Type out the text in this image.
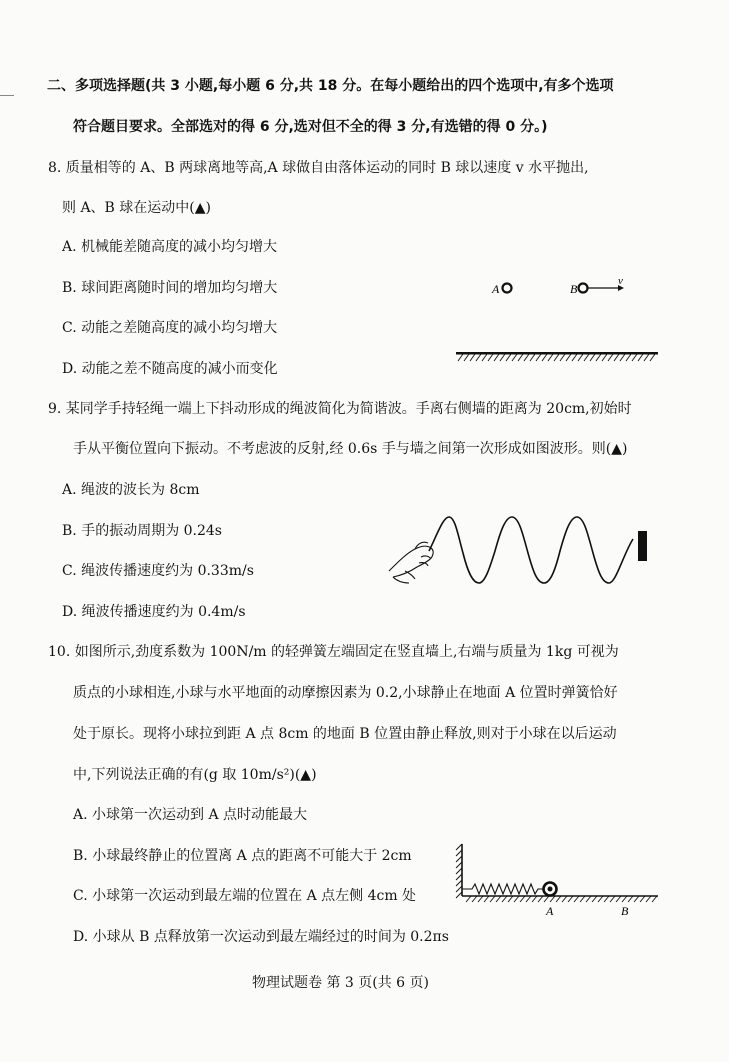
二、多项选择题(共 3 小题,每小题 6 分,共 18 分。在每小题给出的四个选项中,有多个选项
符合题目要求。全部选对的得 6 分,选对但不全的得 3 分,有选错的得 0 分。)
8. 质量相等的 A、B 两球离地等高,A 球做自由落体运动的同时 B 球以速度 v 水平抛出,
则 A、B 球在运动中(▲)
A. 机械能差随高度的减小均匀增大
B. 球间距离随时间的增加均匀增大
C. 动能之差随高度的减小均匀增大
D. 动能之差不随高度的减小而变化
A	B
v
9. 某同学手持轻绳一端上下抖动形成的绳波简化为简谐波。手离右侧墙的距离为 20cm,初始时
手从平衡位置向下振动。不考虑波的反射,经 0.6s 手与墙之间第一次形成如图波形。则(▲)
A. 绳波的波长为 8cm
B. 手的振动周期为 0.24s
C. 绳波传播速度约为 0.33m/s
D. 绳波传播速度约为 0.4m/s
10. 如图所示,劲度系数为 100N/m 的轻弹簧左端固定在竖直墙上,右端与质量为 1kg 可视为
质点的小球相连,小球与水平地面的动摩擦因素为 0.2,小球静止在地面 A 位置时弹簧恰好
处于原长。现将小球拉到距 A 点 8cm 的地面 B 位置由静止释放,则对于小球在以后运动
中,下列说法正确的有(g 取 10m/s²)(▲)
A. 小球第一次运动到 A 点时动能最大
B. 小球最终静止的位置离 A 点的距离不可能大于 2cm
C. 小球第一次运动到最左端的位置在 A 点左侧 4cm 处
D. 小球从 B 点释放第一次运动到最左端经过的时间为 0.2πs
A	B
物理试题卷 第 3 页(共 6 页)
